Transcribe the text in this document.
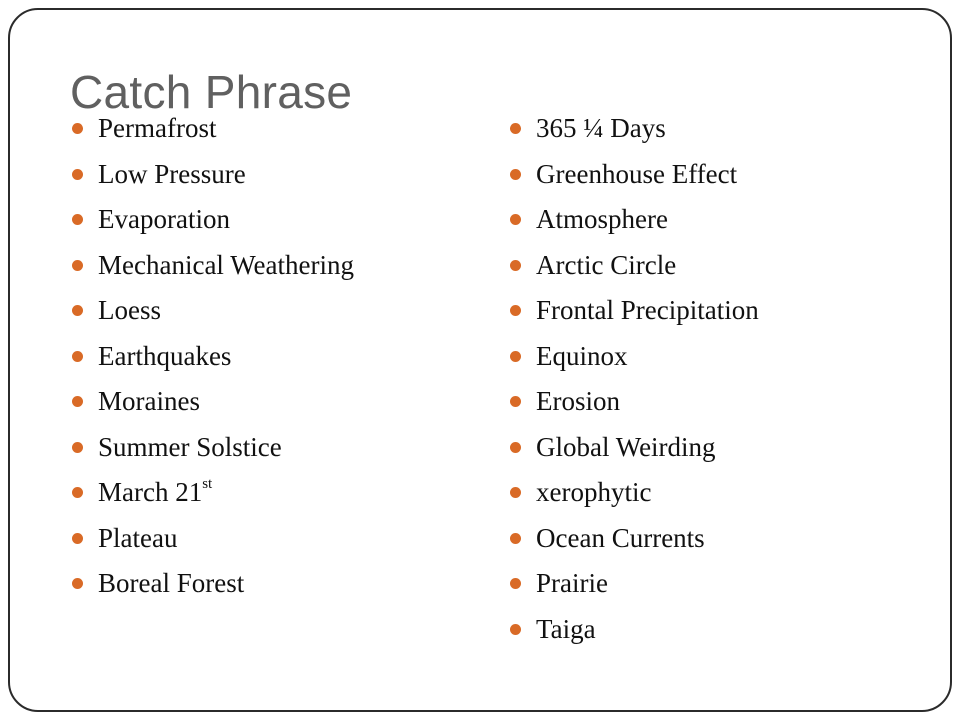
Catch Phrase
Permafrost
Low Pressure
Evaporation
Mechanical Weathering
Loess
Earthquakes
Moraines
Summer Solstice
March 21st
Plateau
Boreal Forest
365 ¼ Days
Greenhouse Effect
Atmosphere
Arctic Circle
Frontal Precipitation
Equinox
Erosion
Global Weirding
xerophytic
Ocean Currents
Prairie
Taiga
